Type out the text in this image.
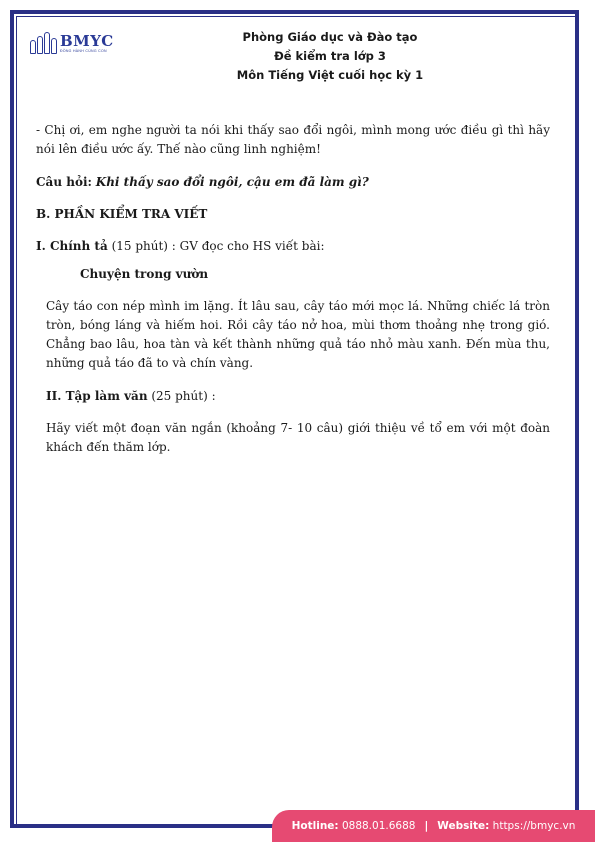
BMYC
ĐỒNG HÀNH CÙNG CON
Phòng Giáo dục và Đào tạo
Đề kiểm tra lớp 3
Môn Tiếng Việt cuối học kỳ 1

- Chị ơi, em nghe người ta nói khi thấy sao đổi ngôi, mình mong ước điều gì thì hãy nói lên điều ước ấy. Thế nào cũng linh nghiệm!

Câu hỏi: Khi thấy sao đổi ngôi, cậu em đã làm gì?

B. PHẦN KIỂM TRA VIẾT

I. Chính tả (15 phút) : GV đọc cho HS viết bài:

Chuyện trong vườn

Cây táo con nép mình im lặng. Ít lâu sau, cây táo mới mọc lá. Những chiếc lá tròn tròn, bóng láng và hiếm hoi. Rồi cây táo nở hoa, mùi thơm thoảng nhẹ trong gió. Chẳng bao lâu, hoa tàn và kết thành những quả táo nhỏ màu xanh. Đến mùa thu, những quả táo đã to và chín vàng.

II. Tập làm văn (25 phút) :

Hãy viết một đoạn văn ngắn (khoảng 7- 10 câu) giới thiệu về tổ em với một đoàn khách đến thăm lớp.

Hotline:
0888.01.6688 | Website:
https://bmyc.vn
